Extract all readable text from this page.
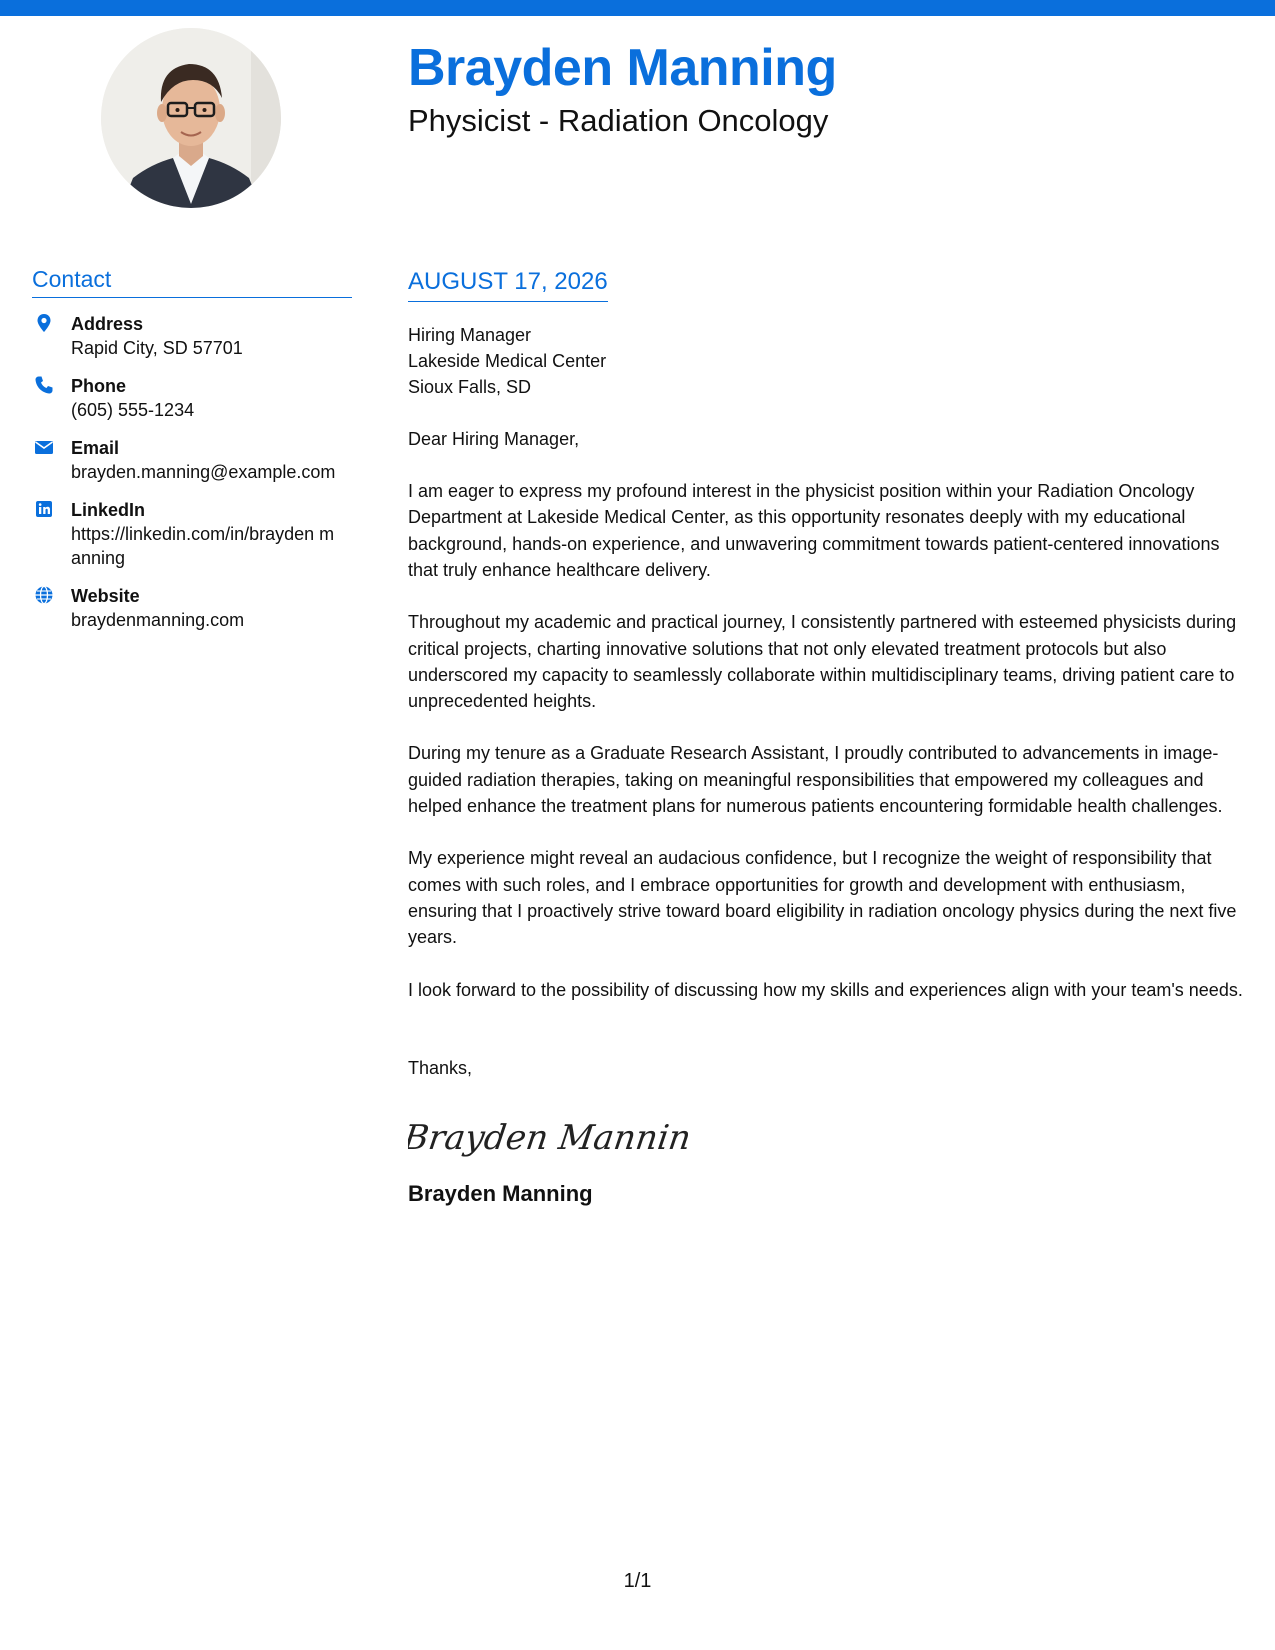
Brayden Manning
Physicist - Radiation Oncology
Contact
Address
Rapid City, SD 57701
Phone
(605) 555-1234
Email
brayden.manning@example.com
LinkedIn
https://linkedin.com/in/brayden manning
Website
braydenmanning.com
AUGUST 17, 2026
Hiring Manager
Lakeside Medical Center
Sioux Falls, SD
Dear Hiring Manager,
I am eager to express my profound interest in the physicist position within your Radiation Oncology Department at Lakeside Medical Center, as this opportunity resonates deeply with my educational background, hands-on experience, and unwavering commitment towards patient-centered innovations that truly enhance healthcare delivery.
Throughout my academic and practical journey, I consistently partnered with esteemed physicists during critical projects, charting innovative solutions that not only elevated treatment protocols but also underscored my capacity to seamlessly collaborate within multidisciplinary teams, driving patient care to unprecedented heights.
During my tenure as a Graduate Research Assistant, I proudly contributed to advancements in image-guided radiation therapies, taking on meaningful responsibilities that empowered my colleagues and helped enhance the treatment plans for numerous patients encountering formidable health challenges.
My experience might reveal an audacious confidence, but I recognize the weight of responsibility that comes with such roles, and I embrace opportunities for growth and development with enthusiasm, ensuring that I proactively strive toward board eligibility in radiation oncology physics during the next five years.
I look forward to the possibility of discussing how my skills and experiences align with your team's needs.
Thanks,
Brayden Mannin
Brayden Manning
1/1
